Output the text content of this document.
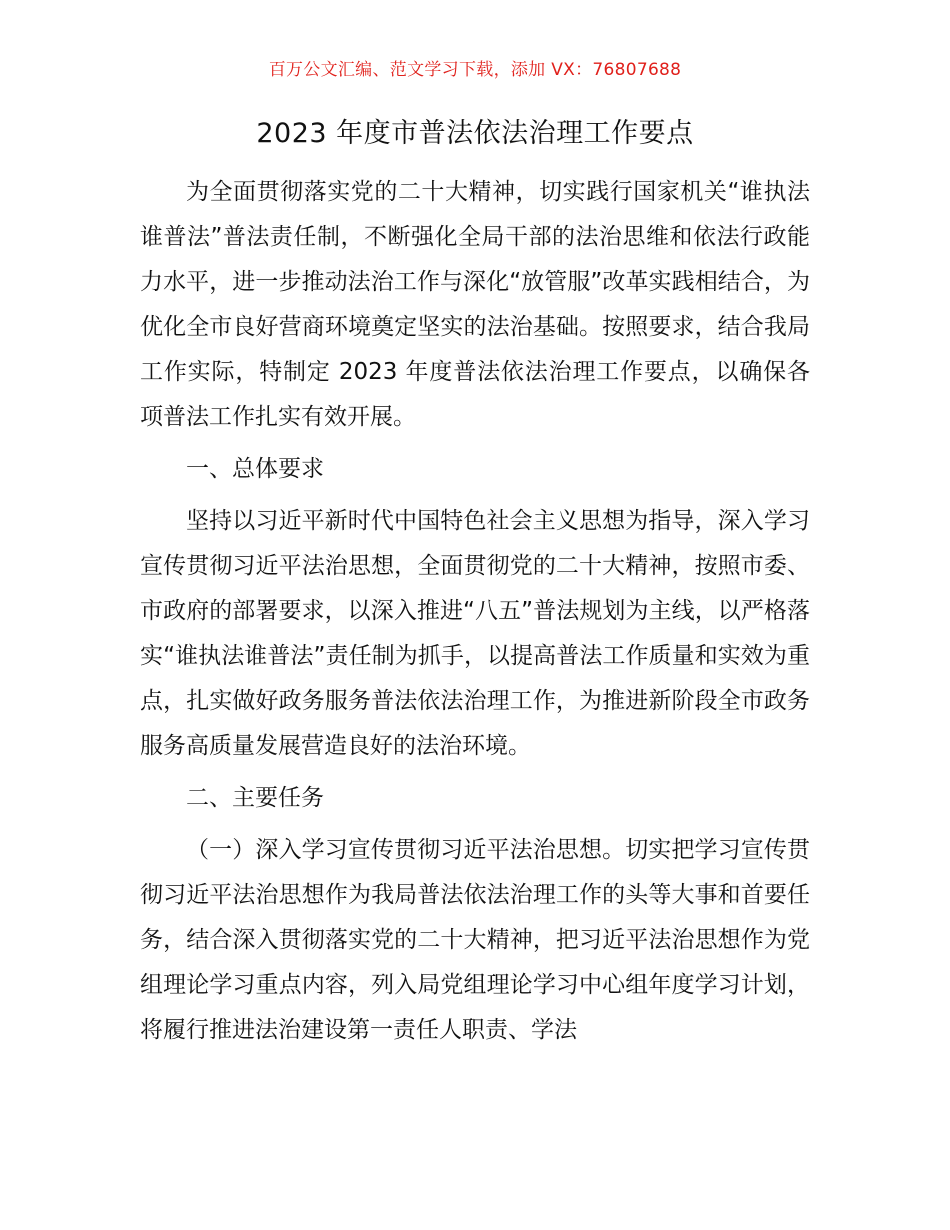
百万公文汇编、范文学习下载，添加 VX：76807688
2023 年度市普法依法治理工作要点

为全面贯彻落实党的二十大精神，切实践行国家机关“谁执法谁普法”普法责任制，不断强化全局干部的法治思维和依法行政能力水平，进一步推动法治工作与深化“放管服”改革实践相结合，为优化全市良好营商环境奠定坚实的法治基础。按照要求，结合我局工作实际，特制定 2023 年度普法依法治理工作要点，以确保各项普法工作扎实有效开展。

一、总体要求

坚持以习近平新时代中国特色社会主义思想为指导，深入学习宣传贯彻习近平法治思想，全面贯彻党的二十大精神，按照市委、市政府的部署要求，以深入推进“八五”普法规划为主线，以严格落实“谁执法谁普法”责任制为抓手，以提高普法工作质量和实效为重点，扎实做好政务服务普法依法治理工作，为推进新阶段全市政务服务高质量发展营造良好的法治环境。

二、主要任务

（一）深入学习宣传贯彻习近平法治思想。切实把学习宣传贯彻习近平法治思想作为我局普法依法治理工作的头等大事和首要任务，结合深入贯彻落实党的二十大精神，把习近平法治思想作为党组理论学习重点内容，列入局党组理论学习中心组年度学习计划，将履行推进法治建设第一责任人职责、学法
